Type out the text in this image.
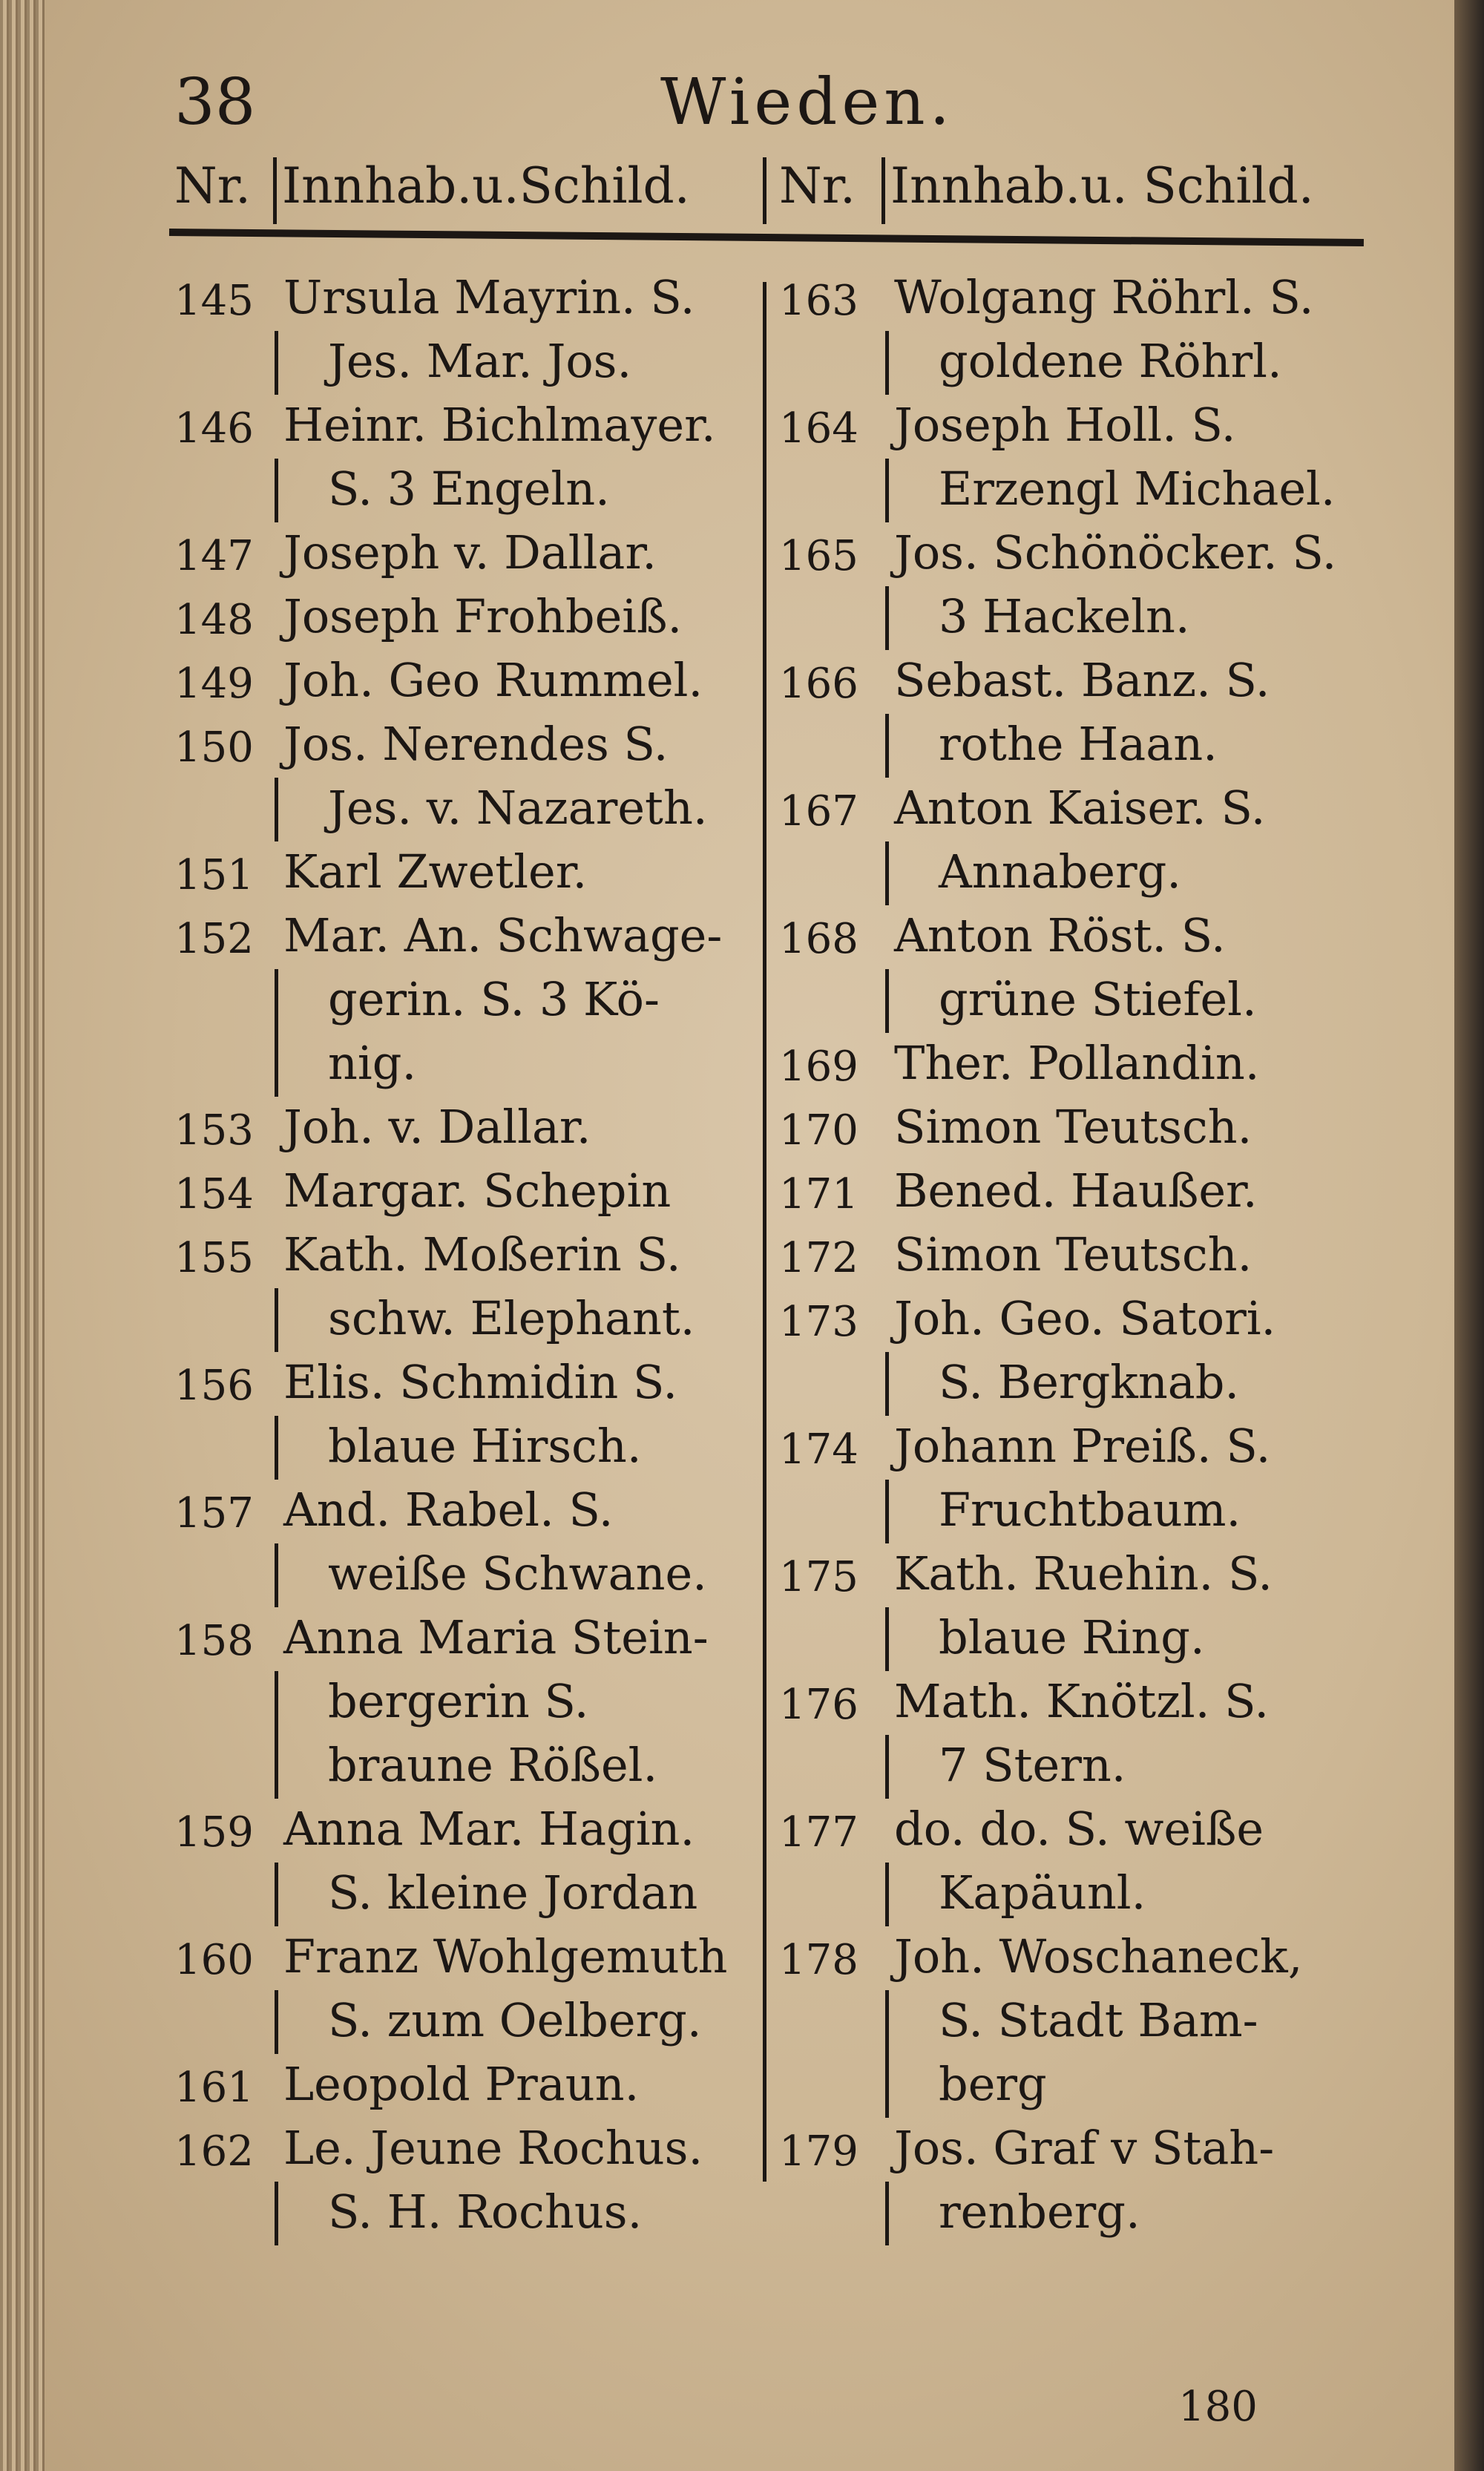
38	Wieden.
Nr. Innhab.u.Schild. Nr. Innhab.u. Schild.
145 Ursula Mayrin. S.
Jes. Mar. Jos.
146 Heinr. Bichlmayer.
S. 3 Engeln.
147 Joseph v. Dallar.
148 Joseph Frohbeiß.
149 Joh. Geo Rummel.
150 Jos. Nerendes S.
Jes. v. Nazareth.
151 Karl Zwetler.
152 Mar. An. Schwage-
gerin. S. 3 Kö-
nig.
153 Joh. v. Dallar.
154 Margar. Schepin
155 Kath. Moßerin S.
schw. Elephant.
156 Elis. Schmidin S.
blaue Hirsch.
157 And. Rabel. S.
weiße Schwane.
158 Anna Maria Stein-
bergerin S.
braune Rößel.
159 Anna Mar. Hagin.
S. kleine Jordan
160 Franz Wohlgemuth
S. zum Oelberg.
161 Leopold Praun.
162 Le. Jeune Rochus.
S. H. Rochus.
163 Wolgang Röhrl. S.
goldene Röhrl.
164 Joseph Holl. S.
Erzengl Michael.
165 Jos. Schönöcker. S.
3 Hackeln.
166 Sebast. Banz. S.
rothe Haan.
167 Anton Kaiser. S.
Annaberg.
168 Anton Röst. S.
grüne Stiefel.
169 Ther. Pollandin.
170 Simon Teutsch.
171 Bened. Haußer.
172 Simon Teutsch.
173 Joh. Geo. Satori.
S. Bergknab.
174 Johann Preiß. S.
Fruchtbaum.
175 Kath. Ruehin. S.
blaue Ring.
176 Math. Knötzl. S.
7 Stern.
177 do. do. S. weiße
Kapäunl.
178 Joh. Woschaneck,
S. Stadt Bam-
berg
179 Jos. Graf v Stah-
renberg.
180
